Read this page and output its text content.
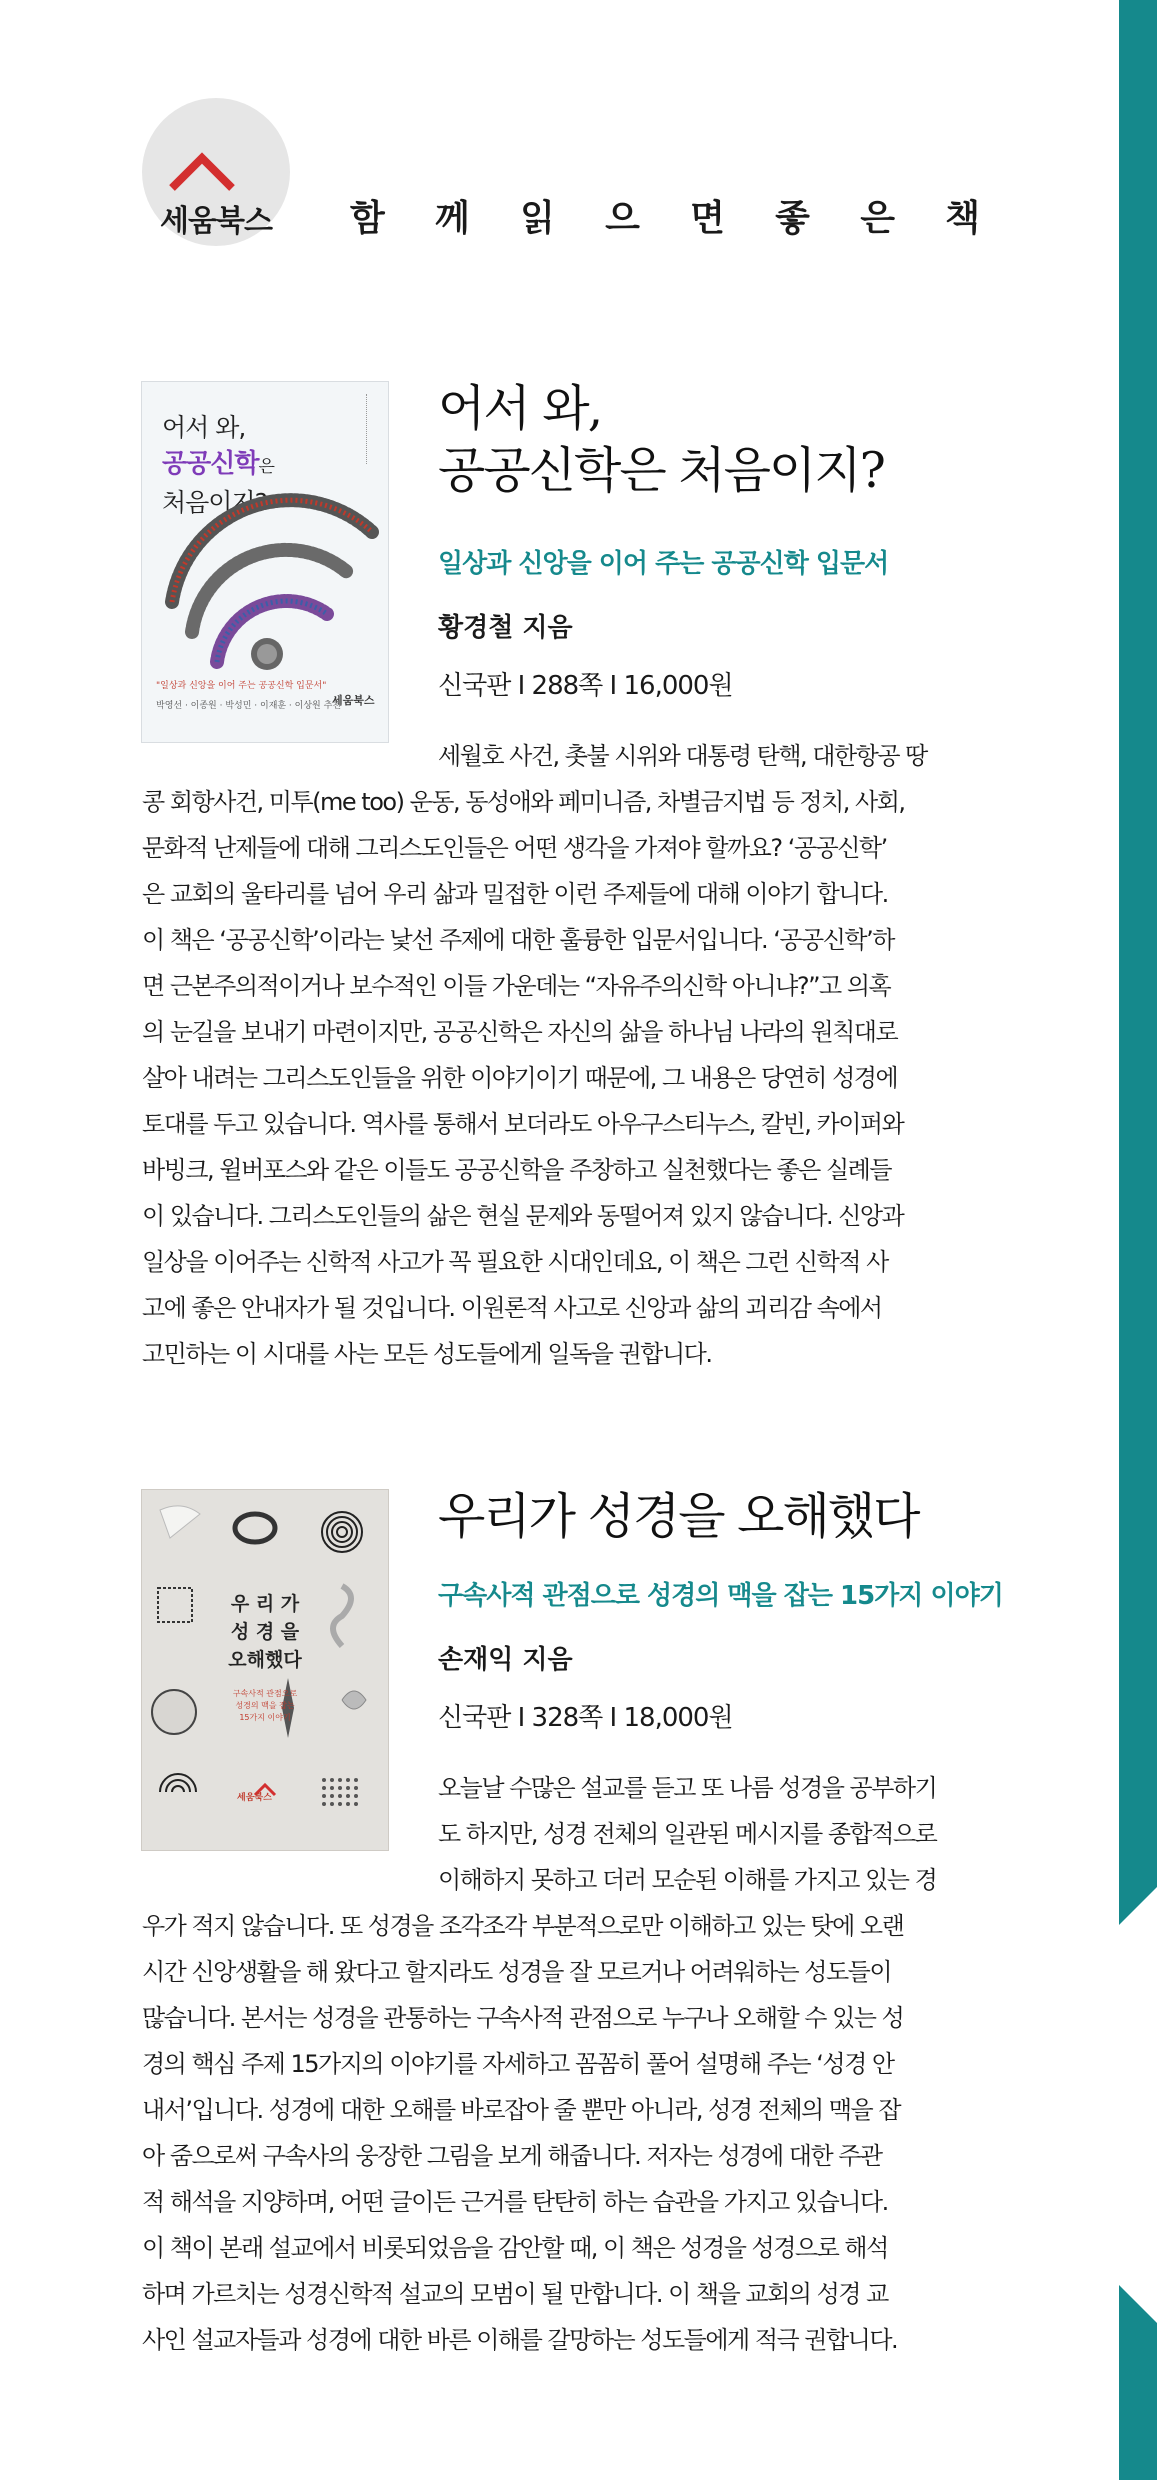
세움북스 함 께 읽 으 면 좋 은 책
어서 와,
공공신학은
처음이지?
"일상과 신앙을 이어 주는 공공신학 입문서"
박영선 · 이종원 · 박성민 · 이재훈 · 이상원 추천
세움북스
어서 와,
공공신학은 처음이지?
일상과 신앙을 이어 주는 공공신학 입문서
황경철 지음
신국판 I 288쪽 I 16,000원

세월호 사건, 촛불 시위와 대통령 탄핵, 대한항공 땅
콩 회항사건, 미투(me too) 운동, 동성애와 페미니즘, 차별금지법 등 정치, 사회,
문화적 난제들에 대해 그리스도인들은 어떤 생각을 가져야 할까요? ‘공공신학’
은 교회의 울타리를 넘어 우리 삶과 밀접한 이런 주제들에 대해 이야기 합니다.
이 책은 ‘공공신학’이라는 낯선 주제에 대한 훌륭한 입문서입니다. ‘공공신학’하
면 근본주의적이거나 보수적인 이들 가운데는 “자유주의신학 아니냐?”고 의혹
의 눈길을 보내기 마련이지만, 공공신학은 자신의 삶을 하나님 나라의 원칙대로
살아 내려는 그리스도인들을 위한 이야기이기 때문에, 그 내용은 당연히 성경에
토대를 두고 있습니다. 역사를 통해서 보더라도 아우구스티누스, 칼빈, 카이퍼와
바빙크, 윌버포스와 같은 이들도 공공신학을 주창하고 실천했다는 좋은 실례들
이 있습니다. 그리스도인들의 삶은 현실 문제와 동떨어져 있지 않습니다. 신앙과
일상을 이어주는 신학적 사고가 꼭 필요한 시대인데요, 이 책은 그런 신학적 사
고에 좋은 안내자가 될 것입니다. 이원론적 사고로 신앙과 삶의 괴리감 속에서
고민하는 이 시대를 사는 모든 성도들에게 일독을 권합니다.

우 리 가
성 경 을
오해했다
구속사적 관점으로
성경의 맥을 잡는
15가지 이야기
세움북스
우리가 성경을 오해했다
구속사적 관점으로 성경의 맥을 잡는 15가지 이야기
손재익 지음
신국판 I 328쪽 I 18,000원

오늘날 수많은 설교를 듣고 또 나름 성경을 공부하기
도 하지만, 성경 전체의 일관된 메시지를 종합적으로
이해하지 못하고 더러 모순된 이해를 가지고 있는 경
우가 적지 않습니다. 또 성경을 조각조각 부분적으로만 이해하고 있는 탓에 오랜
시간 신앙생활을 해 왔다고 할지라도 성경을 잘 모르거나 어려워하는 성도들이
많습니다. 본서는 성경을 관통하는 구속사적 관점으로 누구나 오해할 수 있는 성
경의 핵심 주제 15가지의 이야기를 자세하고 꼼꼼히 풀어 설명해 주는 ‘성경 안
내서’입니다. 성경에 대한 오해를 바로잡아 줄 뿐만 아니라, 성경 전체의 맥을 잡
아 줌으로써 구속사의 웅장한 그림을 보게 해줍니다. 저자는 성경에 대한 주관
적 해석을 지양하며, 어떤 글이든 근거를 탄탄히 하는 습관을 가지고 있습니다.
이 책이 본래 설교에서 비롯되었음을 감안할 때, 이 책은 성경을 성경으로 해석
하며 가르치는 성경신학적 설교의 모범이 될 만합니다. 이 책을 교회의 성경 교
사인 설교자들과 성경에 대한 바른 이해를 갈망하는 성도들에게 적극 권합니다.
